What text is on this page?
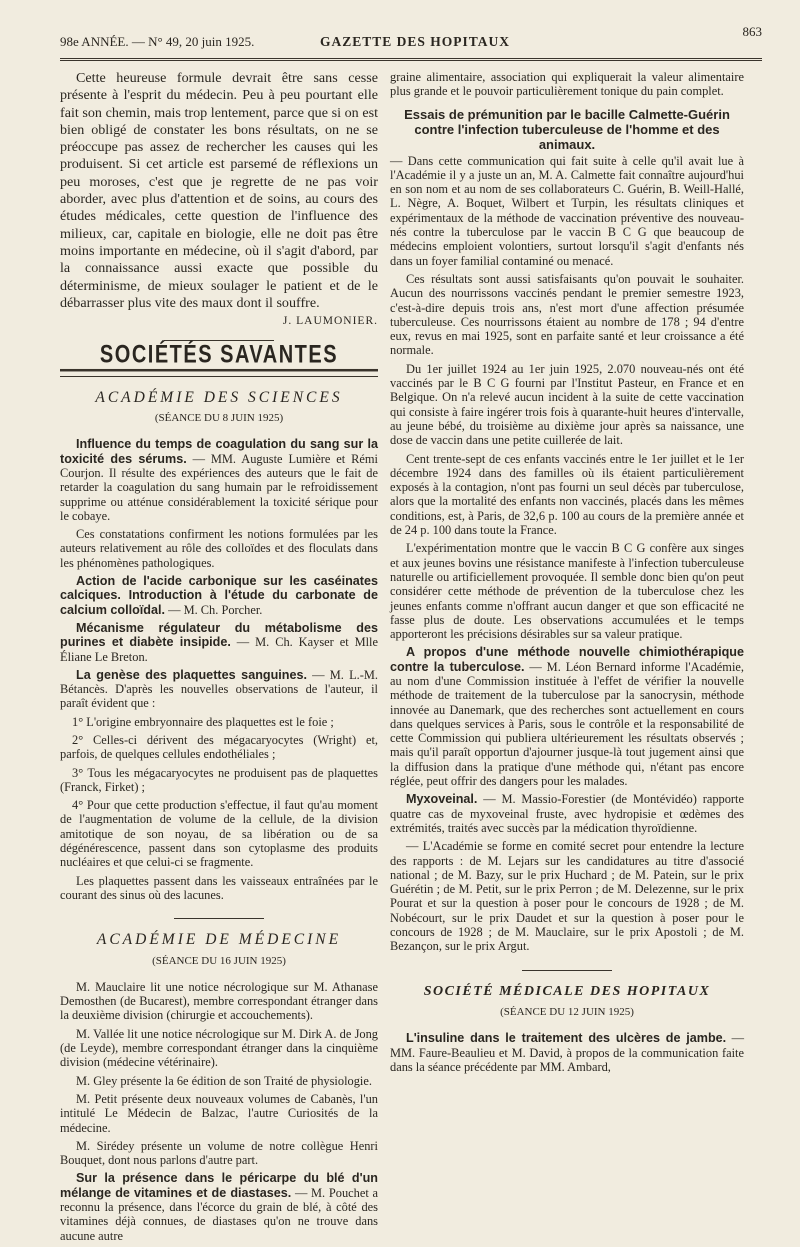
98e ANNÉE. — N° 49, 20 juin 1925.	GAZETTE DES HOPITAUX
863

Cette heureuse formule devrait être sans cesse présente à l'esprit du médecin. Peu à peu pourtant elle fait son chemin, mais trop lentement, parce que si on est bien obligé de constater les bons résultats, on ne se préoccupe pas assez de rechercher les causes qui les produisent. Si cet article est parsemé de réflexions un peu moroses, c'est que je regrette de ne pas voir aborder, avec plus d'attention et de soins, au cours des études médicales, cette question de l'influence des milieux, car, capitale en biologie, elle ne doit pas être moins importante en médecine, où il s'agit d'abord, par la connaissance aussi exacte que possible du déterminisme, de mieux soulager le patient et de le débarrasser plus vite des maux dont il souffre.

J. LAUMONIER.
SOCIÉTÉS SAVANTES
ACADÉMIE DES SCIENCES
(SÉANCE DU 8 JUIN 1925)

Influence du temps de coagulation du sang sur la toxicité des sérums. — MM. Auguste Lumière et Rémi Courjon. Il résulte des expériences des auteurs que le fait de retarder la coagulation du sang humain par le refroidissement supprime ou atténue considérablement la toxicité sérique pour le cobaye.

Ces constatations confirment les notions formulées par les auteurs relativement au rôle des colloïdes et des floculats dans les phénomènes pathologiques.

Action de l'acide carbonique sur les caséinates calciques. Introduction à l'étude du carbonate de calcium colloïdal. — M. Ch. Porcher.

Mécanisme régulateur du métabolisme des purines et diabète insipide. — M. Ch. Kayser et Mlle Éliane Le Breton.

La genèse des plaquettes sanguines. — M. L.-M. Bétancès. D'après les nouvelles observations de l'auteur, il paraît évident que :

1° L'origine embryonnaire des plaquettes est le foie ;

2° Celles-ci dérivent des mégacaryocytes (Wright) et, parfois, de quelques cellules endothéliales ;

3° Tous les mégacaryocytes ne produisent pas de plaquettes (Franck, Firket) ;

4° Pour que cette production s'effectue, il faut qu'au moment de l'augmentation de volume de la cellule, de la division amitotique de son noyau, de sa libération ou de sa dégénérescence, passent dans son cytoplasme des produits nucléaires et que celui-ci se fragmente.

Les plaquettes passent dans les vaisseaux entraînées par le courant des sinus où des lacunes.

ACADÉMIE DE MÉDECINE
(SÉANCE DU 16 JUIN 1925)

M. Mauclaire lit une notice nécrologique sur M. Athanase Demosthen (de Bucarest), membre correspondant étranger dans la deuxième division (chirurgie et accouchements).

M. Vallée lit une notice nécrologique sur M. Dirk A. de Jong (de Leyde), membre correspondant étranger dans la cinquième division (médecine vétérinaire).

M. Gley présente la 6e édition de son Traité de physiologie.

M. Petit présente deux nouveaux volumes de Cabanès, l'un intitulé Le Médecin de Balzac, l'autre Curiosités de la médecine.

M. Sirédey présente un volume de notre collègue Henri Bouquet, dont nous parlons d'autre part.

Sur la présence dans le péricarpe du blé d'un mélange de vitamines et de diastases. — M. Pouchet a reconnu la présence, dans l'écorce du grain de blé, à côté des vitamines déjà connues, de diastases qu'on ne trouve dans aucune autre

graine alimentaire, association qui expliquerait la valeur alimentaire plus grande et le pouvoir particulièrement tonique du pain complet.

Essais de prémunition par le bacille Calmette-Guérin contre l'infection tuberculeuse de l'homme et des animaux.

— Dans cette communication qui fait suite à celle qu'il avait lue à l'Académie il y a juste un an, M. A. Calmette fait connaître aujourd'hui en son nom et au nom de ses collaborateurs C. Guérin, B. Weill-Hallé, L. Nègre, A. Boquet, Wilbert et Turpin, les résultats cliniques et expérimentaux de la méthode de vaccination préventive des nouveau-nés contre la tuberculose par le vaccin B C G que beaucoup de médecins emploient volontiers, surtout lorsqu'il s'agit d'enfants nés dans un foyer familial contaminé ou menacé.

Ces résultats sont aussi satisfaisants qu'on pouvait le souhaiter. Aucun des nourrissons vaccinés pendant le premier semestre 1923, c'est-à-dire depuis trois ans, n'est mort d'une affection présumée tuberculeuse. Ces nourrissons étaient au nombre de 178 ; 94 d'entre eux, revus en mai 1925, sont en parfaite santé et leur croissance a été normale.

Du 1er juillet 1924 au 1er juin 1925, 2.070 nouveau-nés ont été vaccinés par le B C G fourni par l'Institut Pasteur, en France et en Belgique. On n'a relevé aucun incident à la suite de cette vaccination qui consiste à faire ingérer trois fois à quarante-huit heures d'intervalle, au jeune bébé, du troisième au dixième jour après sa naissance, une dose de vaccin dans une petite cuillerée de lait.

Cent trente-sept de ces enfants vaccinés entre le 1er juillet et le 1er décembre 1924 dans des familles où ils étaient particulièrement exposés à la contagion, n'ont pas fourni un seul décès par tuberculose, alors que la mortalité des enfants non vaccinés, placés dans les mêmes conditions, est, à Paris, de 32,6 p. 100 au cours de la première année et de 24 p. 100 dans toute la France.

L'expérimentation montre que le vaccin B C G confère aux singes et aux jeunes bovins une résistance manifeste à l'infection tuberculeuse naturelle ou artificiellement provoquée. Il semble donc bien qu'on peut considérer cette méthode de prévention de la tuberculose chez les jeunes enfants comme n'offrant aucun danger et que son efficacité ne fasse plus de doute. Les observations accumulées et le temps apporteront les précisions désirables sur sa valeur pratique.

A propos d'une méthode nouvelle chimiothérapique contre la tuberculose. — M. Léon Bernard informe l'Académie, au nom d'une Commission instituée à l'effet de vérifier la nouvelle méthode de traitement de la tuberculose par la sanocrysin, méthode innovée au Danemark, que des recherches sont actuellement en cours dans quelques services à Paris, sous le contrôle et la responsabilité de cette Commission qui publiera ultérieurement les résultats observés ; mais qu'il paraît opportun d'ajourner jusque-là tout jugement ainsi que la diffusion dans la pratique d'une méthode qui, n'étant pas encore réglée, peut offrir des dangers pour les malades.

Myxoveinal. — M. Massio-Forestier (de Montévidéo) rapporte quatre cas de myxoveinal fruste, avec hydropisie et œdèmes des extrémités, traités avec succès par la médication thyroïdienne.

— L'Académie se forme en comité secret pour entendre la lecture des rapports : de M. Lejars sur les candidatures au titre d'associé national ; de M. Bazy, sur le prix Huchard ; de M. Patein, sur le prix Guérétin ; de M. Petit, sur le prix Perron ; de M. Delezenne, sur le prix Pourat et sur la question à poser pour le concours de 1928 ; de M. Nobécourt, sur le prix Daudet et sur la question à poser pour le concours de 1928 ; de M. Mauclaire, sur le prix Apostoli ; de M. Bezançon, sur le prix Argut.

SOCIÉTÉ MÉDICALE DES HOPITAUX
(SÉANCE DU 12 JUIN 1925)

L'insuline dans le traitement des ulcères de jambe. — MM. Faure-Beaulieu et M. David, à propos de la communication faite dans la séance précédente par MM. Ambard,
